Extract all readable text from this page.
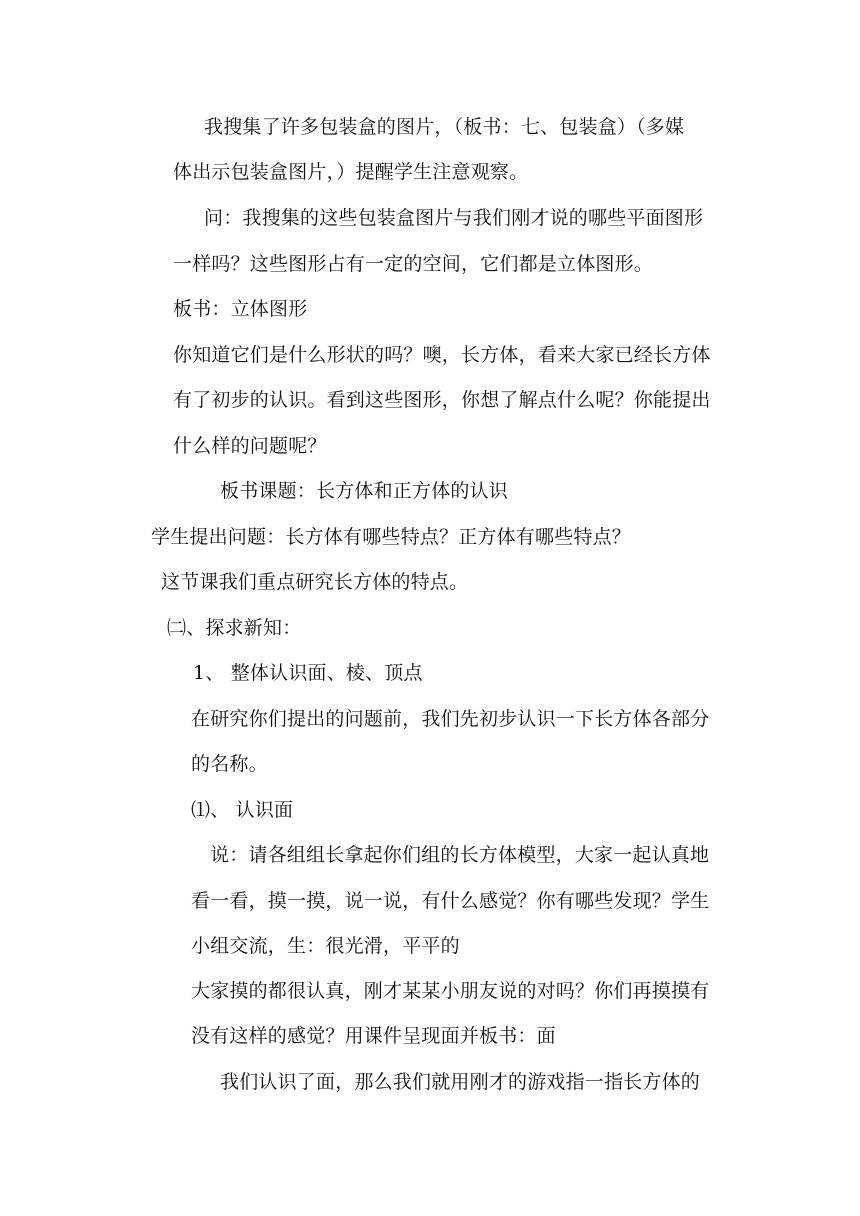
我搜集了许多包装盒的图片，（板书：七、包装盒）（多媒
体出示包装盒图片，）提醒学生注意观察。
问：我搜集的这些包装盒图片与我们刚才说的哪些平面图形
一样吗？这些图形占有一定的空间，它们都是立体图形。
板书：立体图形
你知道它们是什么形状的吗？噢，长方体，看来大家已经长方体
有了初步的认识。看到这些图形，你想了解点什么呢？你能提出
什么样的问题呢？
板书课题：长方体和正方体的认识
学生提出问题：长方体有哪些特点？正方体有哪些特点？
这节课我们重点研究长方体的特点。
㈡、探求新知：
1、 整体认识面、棱、顶点
在研究你们提出的问题前，我们先初步认识一下长方体各部分
的名称。
⑴、 认识面
说：请各组组长拿起你们组的长方体模型，大家一起认真地
看一看，摸一摸，说一说，有什么感觉？你有哪些发现？学生
小组交流，生：很光滑，平平的
大家摸的都很认真，刚才某某小朋友说的对吗？你们再摸摸有
没有这样的感觉？用课件呈现面并板书：面
我们认识了面，那么我们就用刚才的游戏指一指长方体的
